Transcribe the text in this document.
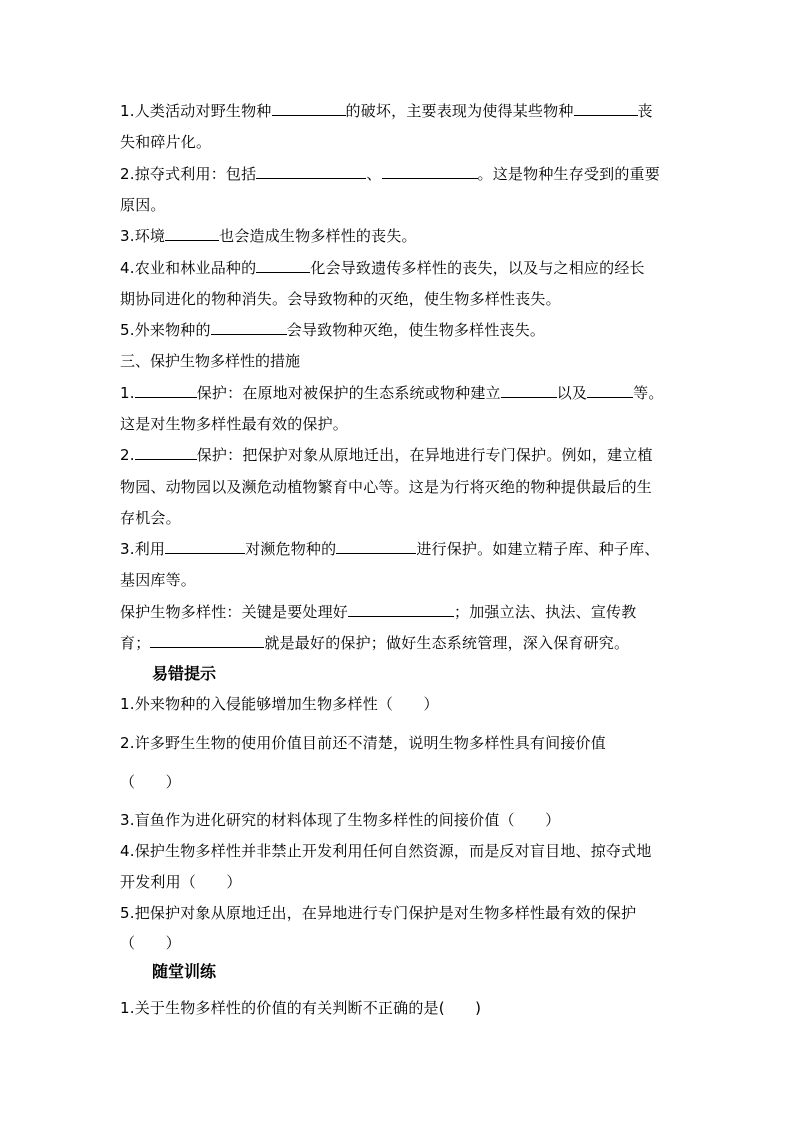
1.人类活动对野生物种	的破坏，主要表现为使得某些物种	丧
失和碎片化。
2.掠夺式利用：包括	、	。这是物种生存受到的重要
原因。
3.环境	也会造成生物多样性的丧失。
4.农业和林业品种的	化会导致遗传多样性的丧失，以及与之相应的经长
期协同进化的物种消失。会导致物种的灭绝，使生物多样性丧失。
5.外来物种的	会导致物种灭绝，使生物多样性丧失。
三、保护生物多样性的措施
1.	保护：在原地对被保护的生态系统或物种建立	以及	等。
这是对生物多样性最有效的保护。
2.	保护：把保护对象从原地迁出，在异地进行专门保护。例如，建立植
物园、动物园以及濒危动植物繁育中心等。这是为行将灭绝的物种提供最后的生
存机会。
3.利用	对濒危物种的	进行保护。如建立精子库、种子库、
基因库等。
保护生物多样性：关键是要处理好	；加强立法、执法、宣传教
育；	就是最好的保护；做好生态系统管理，深入保育研究。
易错提示
1.外来物种的入侵能够增加生物多样性（　　）
2.许多野生生物的使用价值目前还不清楚，说明生物多样性具有间接价值
（　　）
3.盲鱼作为进化研究的材料体现了生物多样性的间接价值（　　）
4.保护生物多样性并非禁止开发利用任何自然资源，而是反对盲目地、掠夺式地
开发利用（　　）
5.把保护对象从原地迁出，在异地进行专门保护是对生物多样性最有效的保护
（　　）
随堂训练
1.关于生物多样性的价值的有关判断不正确的是(　　)
